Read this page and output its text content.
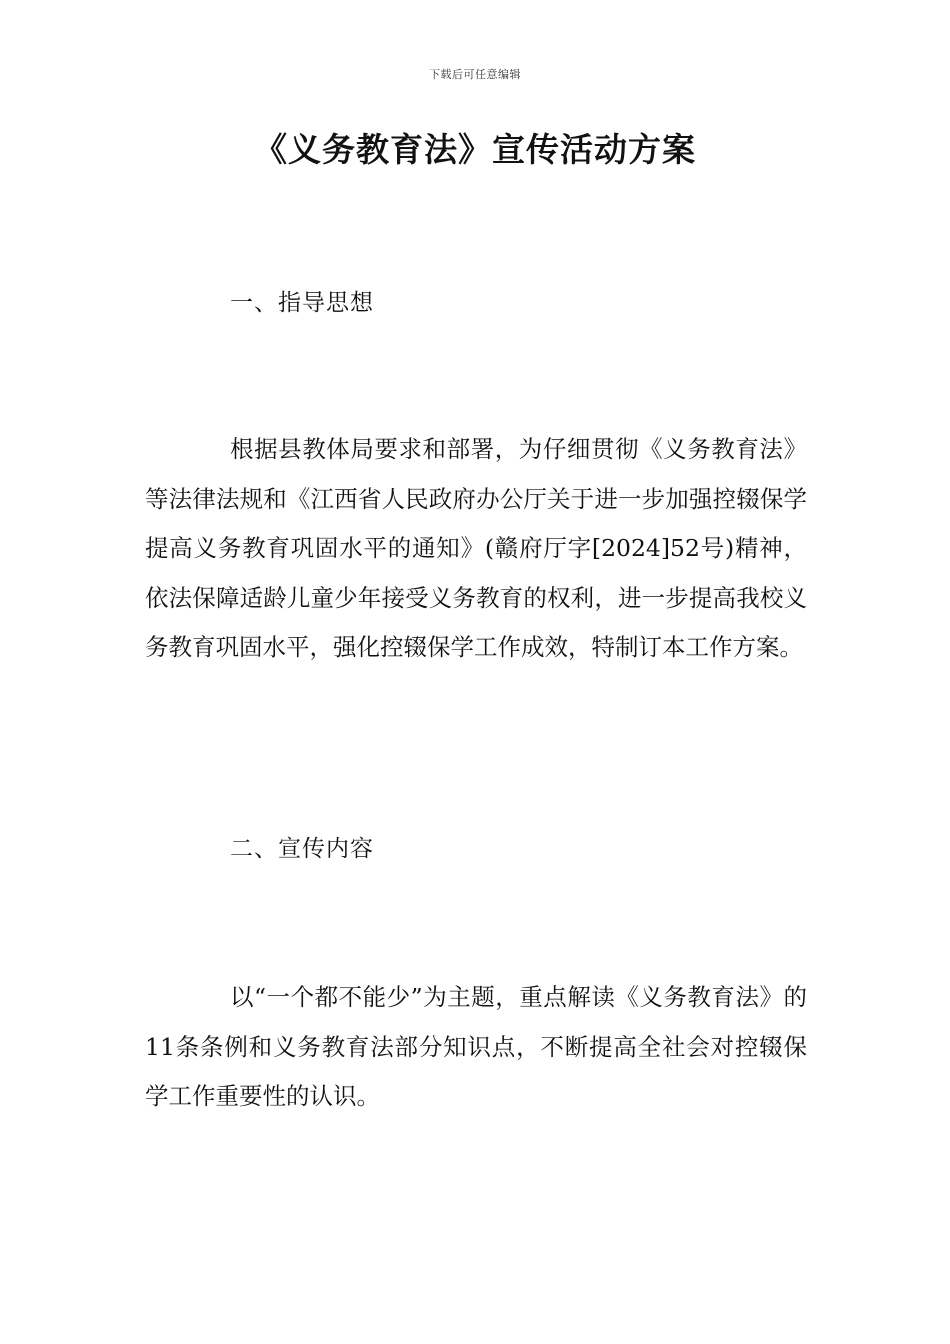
下载后可任意编辑
《义务教育法》宣传活动方案
一、指导思想
根据县教体局要求和部署，为仔细贯彻《义务教育法》等法律法规和《江西省人民政府办公厅关于进一步加强控辍保学提高义务教育巩固水平的通知》(赣府厅字[2024]52号)精神，依法保障适龄儿童少年接受义务教育的权利，进一步提高我校义务教育巩固水平，强化控辍保学工作成效，特制订本工作方案。
二、宣传内容
以“一个都不能少”为主题，重点解读《义务教育法》的11条条例和义务教育法部分知识点，不断提高全社会对控辍保学工作重要性的认识。
